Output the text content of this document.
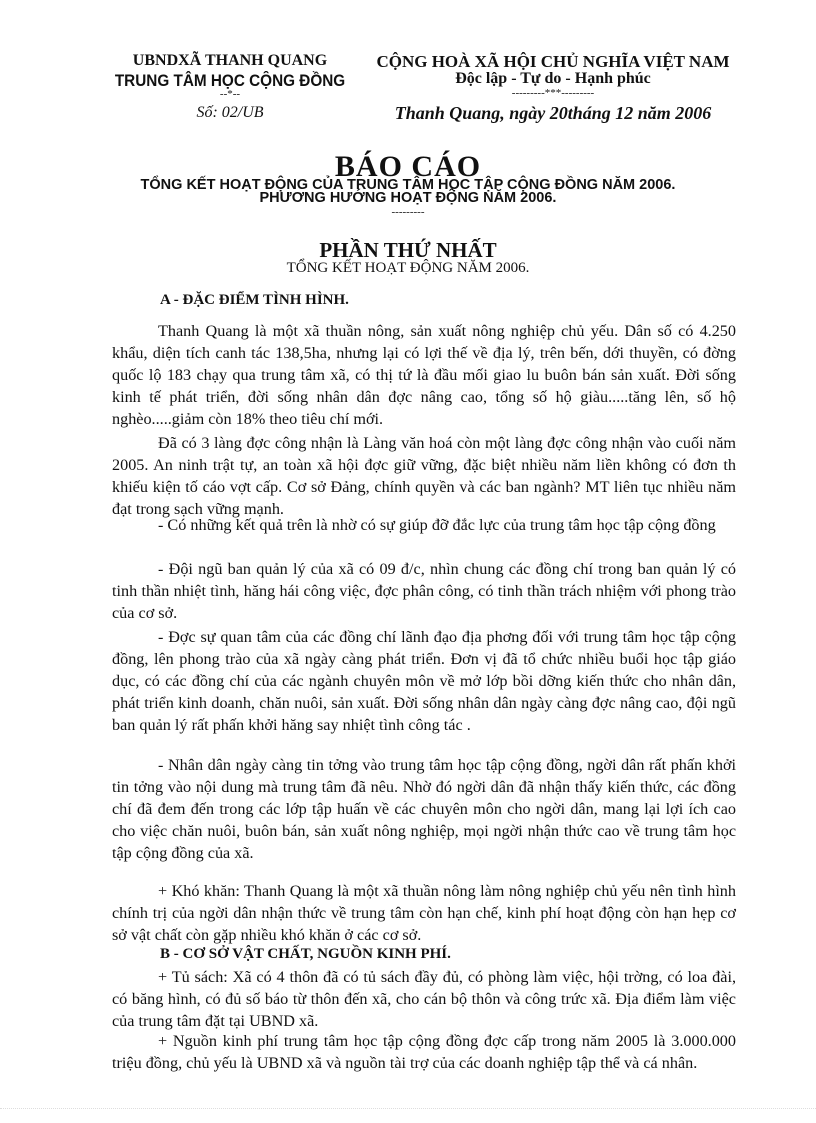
UBNDXÃ THANH QUANG
TRUNG TÂM HỌC CỘNG ĐỒNG
--*--
Số: 02/UB
CỘNG HOÀ XÃ HỘI CHỦ NGHĨA VIỆT NAM
Độc lập - Tự do - Hạnh phúc
---------***---------
Thanh Quang, ngày 20tháng 12 năm 2006
BÁO CÁO
TỔNG KẾT HOẠT ĐỘNG CỦA TRUNG TÂM HỌC TẬP CỘNG ĐỒNG NĂM 2006.
PHƯƠNG HƯỚNG HOẠT ĐỘNG NĂM 2006.
---------
PHẦN THỨ NHẤT
TỔNG KẾT HOẠT ĐỘNG NĂM 2006.
A - ĐẶC ĐIỂM TÌNH HÌNH.

Thanh Quang là một xã thuần nông, sản xuất nông nghiệp chủ yếu. Dân số có 4.250 khẩu, diện tích canh tác 138,5ha, nhưng lại có lợi thế về địa lý, trên bến, dới thuyền, có đờng quốc lộ 183 chạy qua trung tâm xã, có thị tứ là đầu mối giao lu buôn bán sản xuất. Đời sống kinh tế phát triển, đời sống nhân dân đợc nâng cao, tổng số hộ giàu.....tăng lên, số hộ nghèo.....giảm còn 18% theo tiêu chí mới.

Đã có 3 làng đợc công nhận là Làng văn hoá còn một làng đợc công nhận vào cuối năm 2005. An ninh trật tự, an toàn xã hội đợc giữ vững, đặc biệt nhiều năm liền không có đơn th khiếu kiện tố cáo vợt cấp. Cơ sở Đảng, chính quyền và các ban ngành? MT liên tục nhiều năm đạt trong sạch vững mạnh.

- Có những kết quả trên là nhờ có sự giúp đỡ đắc lực của trung tâm học tập cộng đồng

- Đội ngũ ban quản lý của xã có 09 đ/c, nhìn chung các đồng chí trong ban quản lý có tinh thần nhiệt tình, hăng hái công việc, đợc phân công, có tinh thần trách nhiệm với phong trào của cơ sở.

- Đợc sự quan tâm của các đồng chí lãnh đạo địa phơng đối với trung tâm học tập cộng đồng, lên phong trào của xã ngày càng phát triển. Đơn vị đã tổ chức nhiều buổi học tập giáo dục, có các đồng chí của các ngành chuyên môn về mở lớp bồi dỡng kiến thức cho nhân dân, phát triển kinh doanh, chăn nuôi, sản xuất. Đời sống nhân dân ngày càng đợc nâng cao, đội ngũ ban quản lý rất phấn khởi hăng say nhiệt tình công tác .

- Nhân dân ngày càng tin tởng vào trung tâm học tập cộng đồng, ngời dân rất phấn khởi tin tởng vào nội dung mà trung tâm đã nêu. Nhờ đó ngời dân đã nhận thấy kiến thức, các đồng chí đã đem đến trong các lớp tập huấn về các chuyên môn cho ngời dân, mang lại lợi ích cao cho việc chăn nuôi, buôn bán, sản xuất nông nghiệp, mọi ngời nhận thức cao về trung tâm học tập cộng đồng của xã.

+ Khó khăn: Thanh Quang là một xã thuần nông làm nông nghiệp chủ yếu nên tình hình chính trị của ngời dân nhận thức về trung tâm còn hạn chế, kinh phí hoạt động còn hạn hẹp cơ sở vật chất còn gặp nhiều khó khăn ở các cơ sở.

B - CƠ SỞ VẬT CHẤT, NGUỒN KINH PHÍ.

+ Tủ sách: Xã có 4 thôn đã có tủ sách đầy đủ, có phòng làm việc, hội trờng, có loa đài, có băng hình, có đủ số báo từ thôn đến xã, cho cán bộ thôn và công trức xã. Địa điểm làm việc của trung tâm đặt tại UBND xã.

+ Nguồn kinh phí trung tâm học tập cộng đồng đợc cấp trong năm 2005 là 3.000.000 triệu đồng, chủ yếu là UBND xã và nguồn tài trợ của các doanh nghiệp tập thể và cá nhân.
